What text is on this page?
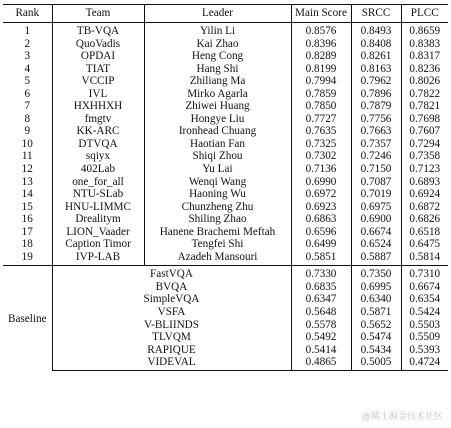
Rank	Team	Leader	Main Score	SRCC	PLCC
1	TB-VQA	Yilin Li	0.8576	0.8493	0.8659
2	QuoVadis	Kai Zhao	0.8396	0.8408	0.8383
3	OPDAI	Heng Cong	0.8289	0.8261	0.8317
4	TIAT	Hang Shi	0.8199	0.8163	0.8236
5	VCCIP	Zhiliang Ma	0.7994	0.7962	0.8026
6	IVL	Mirko Agarla	0.7859	0.7896	0.7822
7	HXHHXH	Zhiwei Huang	0.7850	0.7879	0.7821
8	fmgtv	Hongye Liu	0.7727	0.7756	0.7698
9	KK-ARC	Ironhead Chuang	0.7635	0.7663	0.7607
10	DTVQA	Haotian Fan	0.7325	0.7357	0.7294
11	sqiyx	Shiqi Zhou	0.7302	0.7246	0.7358
12	402Lab	Yu Lai	0.7136	0.7150	0.7123
13	one_for_all	Wenqi Wang	0.6990	0.7087	0.6893
14	NTU-SLab	Haoning Wu	0.6972	0.7019	0.6924
15	HNU-LIMMC	Chunzheng Zhu	0.6923	0.6975	0.6872
16	Drealitym	Shiling Zhao	0.6863	0.6900	0.6826
17	LION_Vaader	Hanene Brachemi Meftah	0.6596	0.6674	0.6518
18	Caption Timor	Tengfei Shi	0.6499	0.6524	0.6475
19	IVP-LAB	Azadeh Mansouri	0.5851	0.5887	0.5814
Baseline	FastVQA		0.7330	0.7350	0.7310
	BVQA		0.6835	0.6995	0.6674
	SimpleVQA		0.6347	0.6340	0.6354
	VSFA		0.5648	0.5871	0.5424
	V-BLIINDS		0.5578	0.5652	0.5503
	TLVQM		0.5492	0.5474	0.5509
	RAPIQUE		0.5414	0.5434	0.5393
	VIDEVAL		0.4865	0.5005	0.4724
@稀土掘金技术社区
